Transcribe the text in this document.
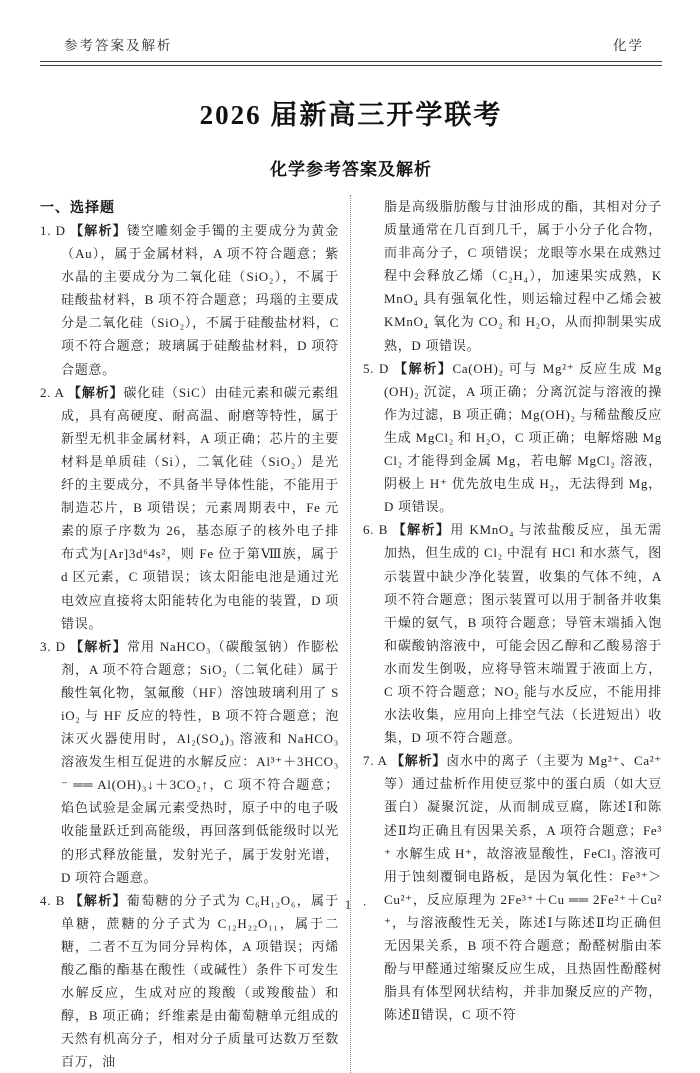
参考答案及解析	化学
2026 届新高三开学联考
化学参考答案及解析
一、选择题

1. D 【解析】镂空雕刻金手镯的主要成分为黄金（Au），属于金属材料，A 项不符合题意；紫水晶的主要成分为二氧化硅（SiO₂），不属于硅酸盐材料，B 项不符合题意；玛瑙的主要成分是二氧化硅（SiO₂），不属于硅酸盐材料，C 项不符合题意；玻璃属于硅酸盐材料，D 项符合题意。

2. A 【解析】碳化硅（SiC）由硅元素和碳元素组成，具有高硬度、耐高温、耐磨等特性，属于新型无机非金属材料，A 项正确；芯片的主要材料是单质硅（Si），二氧化硅（SiO₂）是光纤的主要成分，不具备半导体性能，不能用于制造芯片，B 项错误；元素周期表中，Fe 元素的原子序数为 26，基态原子的核外电子排布式为[Ar]3d⁶4s²，则 Fe 位于第Ⅷ族，属于 d 区元素，C 项错误；该太阳能电池是通过光电效应直接将太阳能转化为电能的装置，D 项错误。

3. D 【解析】常用 NaHCO₃（碳酸氢钠）作膨松剂，A 项不符合题意；SiO₂（二氧化硅）属于酸性氧化物，氢氟酸（HF）溶蚀玻璃利用了 SiO₂ 与 HF 反应的特性，B 项不符合题意；泡沫灭火器使用时，Al₂(SO₄)₃ 溶液和 NaHCO₃ 溶液发生相互促进的水解反应：Al³⁺＋3HCO₃⁻ ══ Al(OH)₃↓＋3CO₂↑，C 项不符合题意；焰色试验是金属元素受热时，原子中的电子吸收能量跃迁到高能级，再回落到低能级时以光的形式释放能量，发射光子，属于发射光谱，D 项符合题意。

4. B 【解析】葡萄糖的分子式为 C₆H₁₂O₆，属于单糖，蔗糖的分子式为 C₁₂H₂₂O₁₁，属于二糖，二者不互为同分异构体，A 项错误；丙烯酸乙酯的酯基在酸性（或碱性）条件下可发生水解反应，生成对应的羧酸（或羧酸盐）和醇，B 项正确；纤维素是由葡萄糖单元组成的天然有机高分子，相对分子质量可达数万至数百万，油

脂是高级脂肪酸与甘油形成的酯，其相对分子质量通常在几百到几千，属于小分子化合物，而非高分子，C 项错误；龙眼等水果在成熟过程中会释放乙烯（C₂H₄），加速果实成熟，KMnO₄ 具有强氧化性，则运输过程中乙烯会被 KMnO₄ 氧化为 CO₂ 和 H₂O，从而抑制果实成熟，D 项错误。

5. D 【解析】Ca(OH)₂ 可与 Mg²⁺ 反应生成 Mg(OH)₂ 沉淀，A 项正确；分离沉淀与溶液的操作为过滤，B 项正确；Mg(OH)₂ 与稀盐酸反应生成 MgCl₂ 和 H₂O，C 项正确；电解熔融 MgCl₂ 才能得到金属 Mg，若电解 MgCl₂ 溶液，阴极上 H⁺ 优先放电生成 H₂，无法得到 Mg，D 项错误。

6. B 【解析】用 KMnO₄ 与浓盐酸反应，虽无需加热，但生成的 Cl₂ 中混有 HCl 和水蒸气，图示装置中缺少净化装置，收集的气体不纯，A 项不符合题意；图示装置可以用于制备并收集干燥的氨气，B 项符合题意；导管末端插入饱和碳酸钠溶液中，可能会因乙醇和乙酸易溶于水而发生倒吸，应将导管末端置于液面上方，C 项不符合题意；NO₂ 能与水反应，不能用排水法收集，应用向上排空气法（长进短出）收集，D 项不符合题意。

7. A 【解析】卤水中的离子（主要为 Mg²⁺、Ca²⁺ 等）通过盐析作用使豆浆中的蛋白质（如大豆蛋白）凝聚沉淀，从而制成豆腐，陈述Ⅰ和陈述Ⅱ均正确且有因果关系，A 项符合题意；Fe³⁺ 水解生成 H⁺，故溶液显酸性，FeCl₃ 溶液可用于蚀刻覆铜电路板，是因为氧化性：Fe³⁺＞Cu²⁺，反应原理为 2Fe³⁺＋Cu ══ 2Fe²⁺＋Cu²⁺，与溶液酸性无关，陈述Ⅰ与陈述Ⅱ均正确但无因果关系，B 项不符合题意；酚醛树脂由苯酚与甲醛通过缩聚反应生成，且热固性酚醛树脂具有体型网状结构，并非加聚反应的产物，陈述Ⅱ错误，C 项不符

· 1 ·
